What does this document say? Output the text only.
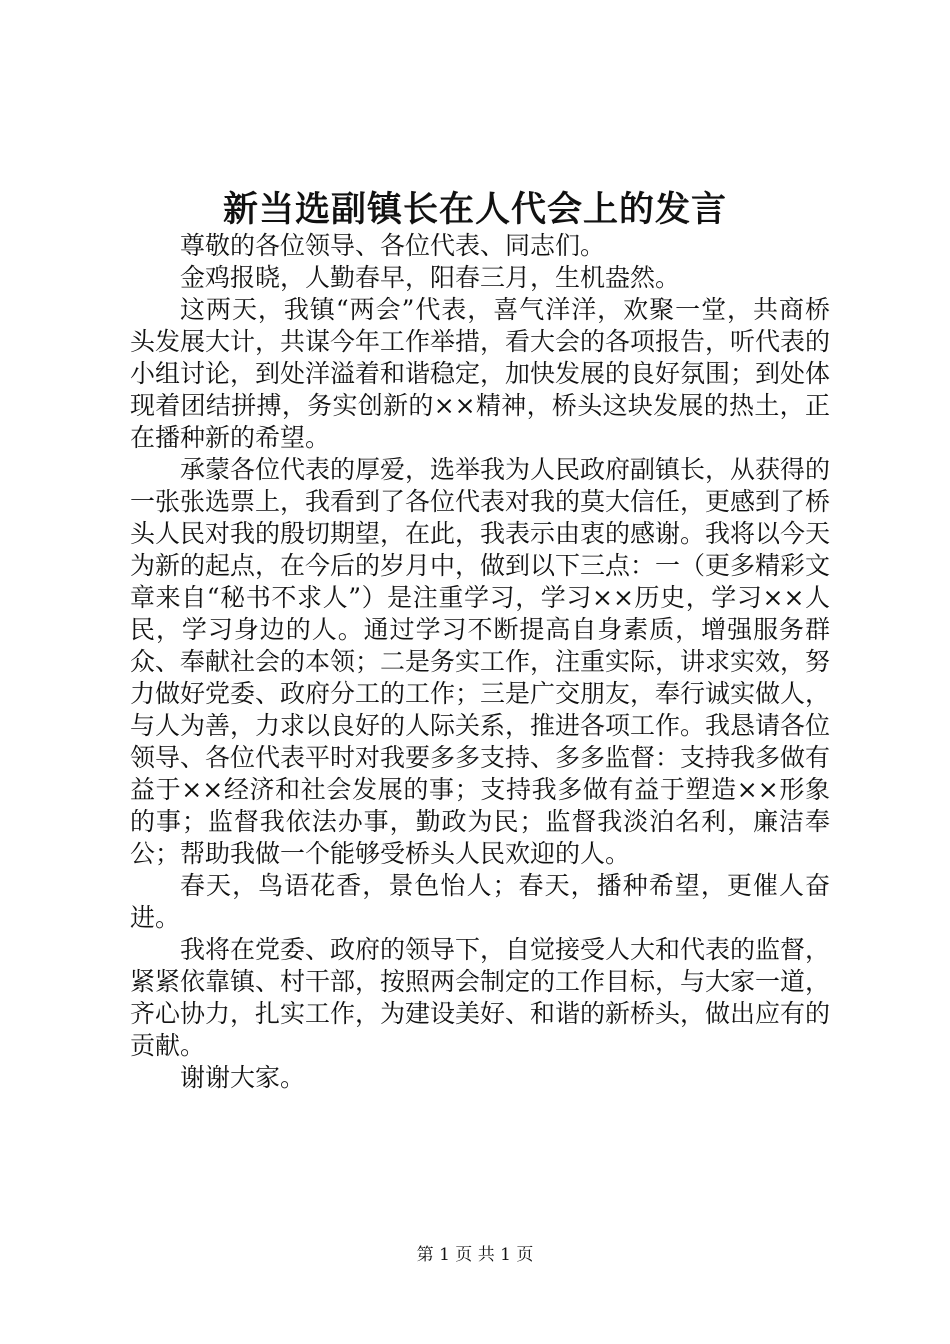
新当选副镇长在人代会上的发言

尊敬的各位领导、各位代表、同志们。

金鸡报晓，人勤春早，阳春三月，生机盎然。

这两天，我镇“两会”代表，喜气洋洋，欢聚一堂，共商桥头发展大计，共谋今年工作举措，看大会的各项报告，听代表的小组讨论，到处洋溢着和谐稳定，加快发展的良好氛围；到处体现着团结拼搏，务实创新的××精神，桥头这块发展的热土，正在播种新的希望。

承蒙各位代表的厚爱，选举我为人民政府副镇长，从获得的一张张选票上，我看到了各位代表对我的莫大信任，更感到了桥头人民对我的殷切期望，在此，我表示由衷的感谢。我将以今天为新的起点，在今后的岁月中，做到以下三点：一（更多精彩文章来自“秘书不求人”）是注重学习，学习××历史，学习××人民，学习身边的人。通过学习不断提高自身素质，增强服务群众、奉献社会的本领；二是务实工作，注重实际，讲求实效，努力做好党委、政府分工的工作；三是广交朋友，奉行诚实做人，与人为善，力求以良好的人际关系，推进各项工作。我恳请各位领导、各位代表平时对我要多多支持、多多监督：支持我多做有益于××经济和社会发展的事；支持我多做有益于塑造××形象的事；监督我依法办事，勤政为民；监督我淡泊名利，廉洁奉公；帮助我做一个能够受桥头人民欢迎的人。

春天，鸟语花香，景色怡人；春天，播种希望，更催人奋进。

我将在党委、政府的领导下，自觉接受人大和代表的监督，紧紧依靠镇、村干部，按照两会制定的工作目标，与大家一道，齐心协力，扎实工作，为建设美好、和谐的新桥头，做出应有的贡献。

谢谢大家。

第 1 页 共 1 页
